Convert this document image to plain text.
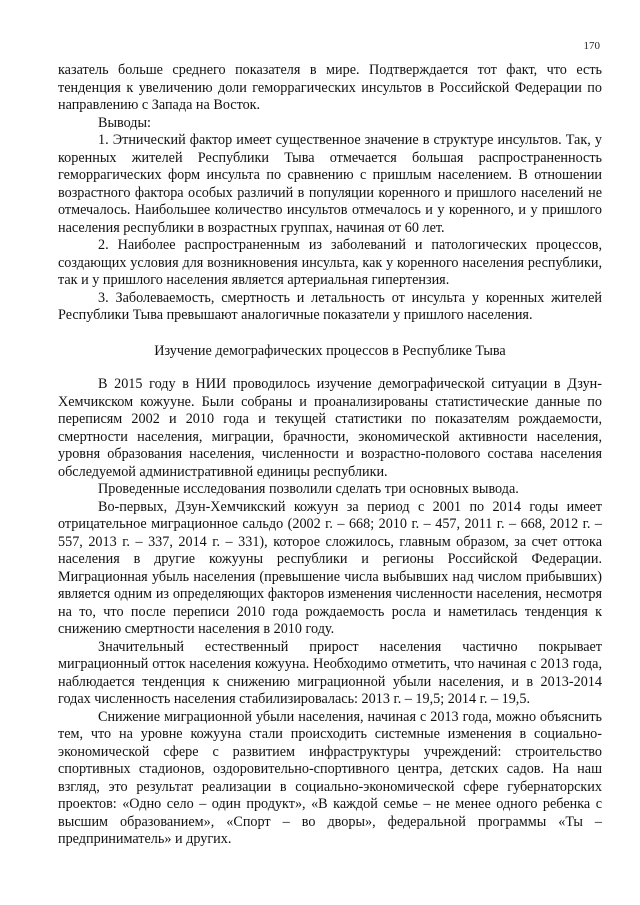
170

казатель больше среднего показателя в мире. Подтверждается тот факт, что есть тенденция к увеличению доли геморрагических инсультов в Российской Федерации по направлению с Запада на Восток.

Выводы:

1. Этнический фактор имеет существенное значение в структуре инсультов. Так, у коренных жителей Республики Тыва отмечается большая распространенность геморрагических форм инсульта по сравнению с пришлым населением. В отношении возрастного фактора особых различий в популяции коренного и пришлого населений не отмечалось. Наибольшее количество инсультов отмечалось и у коренного, и у пришлого населения республики в возрастных группах, начиная от 60 лет.

2. Наиболее распространенным из заболеваний и патологических процессов, создающих условия для возникновения инсульта, как у коренного населения республики, так и у пришлого населения является артериальная гипертензия.

3. Заболеваемость, смертность и летальность от инсульта у коренных жителей Республики Тыва превышают аналогичные показатели у пришлого населения.

Изучение демографических процессов в Республике Тыва

В 2015 году в НИИ проводилось изучение демографической ситуации в Дзун-Хемчикском кожууне. Были собраны и проанализированы статистические данные по переписям 2002 и 2010 года и текущей статистики по показателям рождаемости, смертности населения, миграции, брачности, экономической активности населения, уровня образования населения, численности и возрастно-полового состава населения обследуемой административной единицы республики.

Проведенные исследования позволили сделать три основных вывода.

Во-первых, Дзун-Хемчикский кожуун за период с 2001 по 2014 годы имеет отрицательное миграционное сальдо (2002 г. – 668; 2010 г. – 457, 2011 г. – 668, 2012 г. – 557, 2013 г. – 337, 2014 г. – 331), которое сложилось, главным образом, за счет оттока населения в другие кожууны республики и регионы Российской Федерации. Миграционная убыль населения (превышение числа выбывших над числом прибывших) является одним из определяющих факторов изменения численности населения, несмотря на то, что после переписи 2010 года рождаемость росла и наметилась тенденция к снижению смертности населения в 2010 году.

Значительный естественный прирост населения частично покрывает миграционный отток населения кожууна. Необходимо отметить, что начиная с 2013 года, наблюдается тенденция к снижению миграционной убыли населения, и в 2013-2014 годах численность населения стабилизировалась: 2013 г. – 19,5; 2014 г. – 19,5.

Снижение миграционной убыли населения, начиная с 2013 года, можно объяснить тем, что на уровне кожууна стали происходить системные изменения в социально-экономической сфере с развитием инфраструктуры учреждений: строительство спортивных стадионов, оздоровительно-спортивного центра, детских садов. На наш взгляд, это результат реализации в социально-экономической сфере губернаторских проектов: «Одно село – один продукт», «В каждой семье – не менее одного ребенка с высшим образованием», «Спорт – во дворы», федеральной программы «Ты – предприниматель» и других.
